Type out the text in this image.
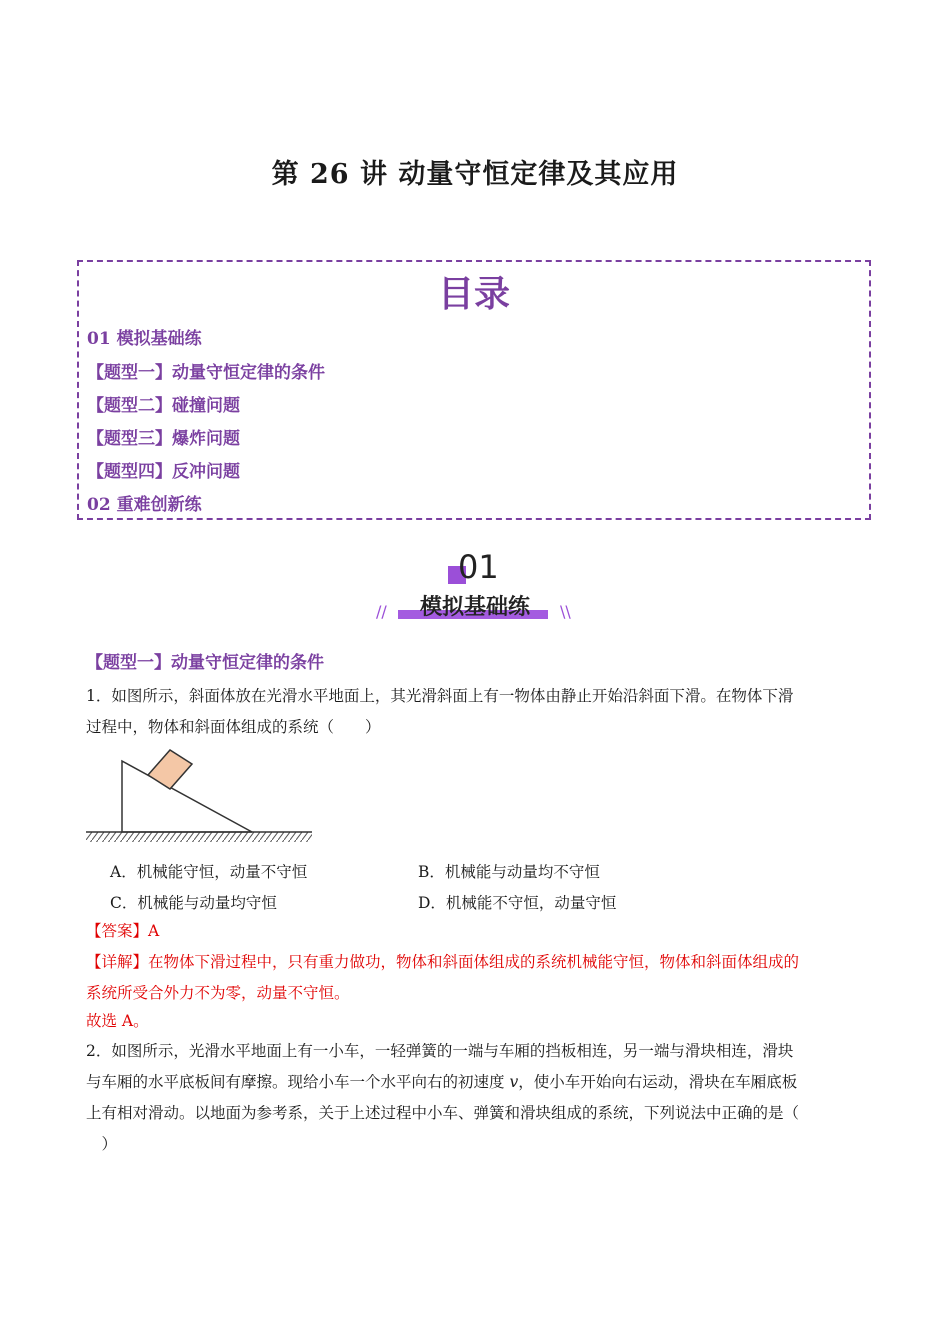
第 26 讲 动量守恒定律及其应用
目录
01 模拟基础练
【题型一】动量守恒定律的条件
【题型二】碰撞问题
【题型三】爆炸问题
【题型四】反冲问题
02 重难创新练
01
模拟基础练
//	\\
【题型一】动量守恒定律的条件
1．如图所示，斜面体放在光滑水平地面上，其光滑斜面上有一物体由静止开始沿斜面下滑。在物体下滑
过程中，物体和斜面体组成的系统（　　）
A．机械能守恒，动量不守恒	B．机械能与动量均不守恒
C．机械能与动量均守恒	D．机械能不守恒，动量守恒
【答案】A
【详解】在物体下滑过程中，只有重力做功，物体和斜面体组成的系统机械能守恒，物体和斜面体组成的
系统所受合外力不为零，动量不守恒。
故选 A。
2．如图所示，光滑水平地面上有一小车，一轻弹簧的一端与车厢的挡板相连，另一端与滑块相连，滑块
与车厢的水平底板间有摩擦。现给小车一个水平向右的初速度 v，使小车开始向右运动，滑块在车厢底板
上有相对滑动。以地面为参考系，关于上述过程中小车、弹簧和滑块组成的系统，下列说法中正确的是（
　）
